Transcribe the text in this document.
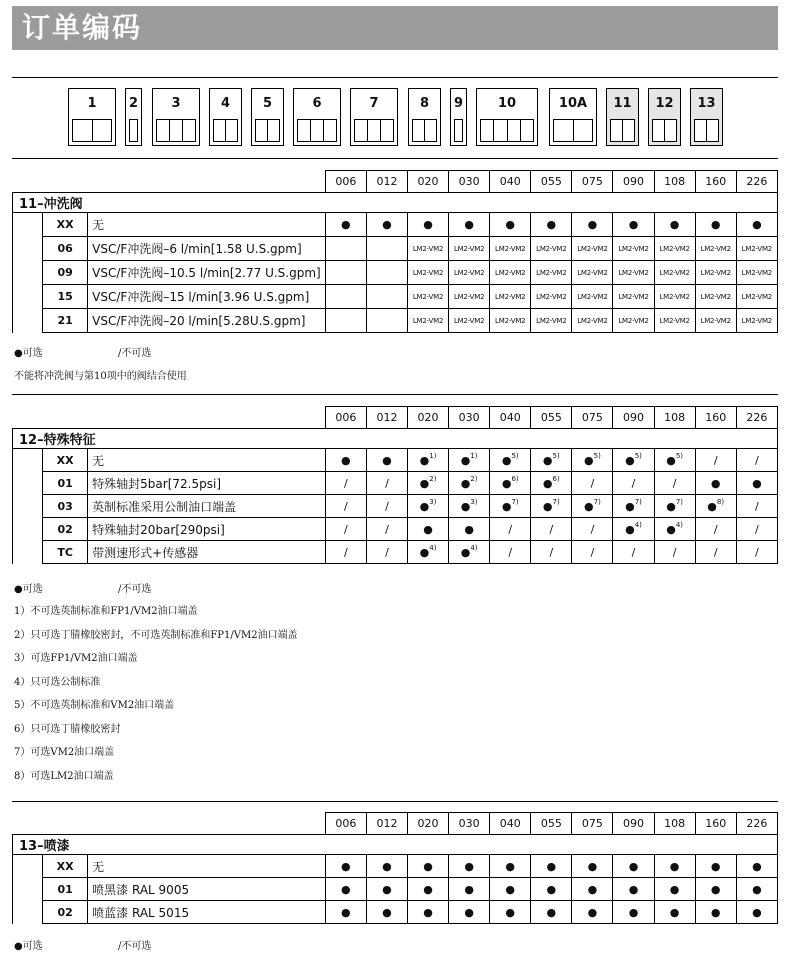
订单编码
1	2	3	4	5	6	7	8	9	10	10A	11	12	13
			006	012	020	030	040	055	075	090	108	160	226
11–冲洗阀													
	XX	无	●	●	●	●	●	●	●	●	●	●	●
	06	VSC/F冲洗阀–6 l/min[1.58 U.S.gpm]			LM2-VM2	LM2-VM2	LM2-VM2	LM2-VM2	LM2-VM2	LM2-VM2	LM2-VM2	LM2-VM2	LM2-VM2
	09	VSC/F冲洗阀–10.5 l/min[2.77 U.S.gpm]			LM2-VM2	LM2-VM2	LM2-VM2	LM2-VM2	LM2-VM2	LM2-VM2	LM2-VM2	LM2-VM2	LM2-VM2
	15	VSC/F冲洗阀–15 l/min[3.96 U.S.gpm]			LM2-VM2	LM2-VM2	LM2-VM2	LM2-VM2	LM2-VM2	LM2-VM2	LM2-VM2	LM2-VM2	LM2-VM2
	21	VSC/F冲洗阀–20 l/min[5.28U.S.gpm]			LM2-VM2	LM2-VM2	LM2-VM2	LM2-VM2	LM2-VM2	LM2-VM2	LM2-VM2	LM2-VM2	LM2-VM2
●可选	/不可选
不能将冲洗阀与第10项中的阀结合使用
			006	012	020	030	040	055	075	090	108	160	226
12–特殊特征													
	XX	无	●	●	●$^{1)}$	●$^{1)}$	●$^{5)}$	●$^{5)}$	●$^{5)}$	●$^{5)}$	●$^{5)}$	/	/
	01	特殊轴封5bar[72.5psi]	/	/	●$^{2)}$	●$^{2)}$	●$^{6)}$	●$^{6)}$	/	/	/	●	●
	03	英制标准采用公制油口端盖	/	/	●$^{3)}$	●$^{3)}$	●$^{7)}$	●$^{7)}$	●$^{7)}$	●$^{7)}$	●$^{7)}$	●$^{8)}$	/
	02	特殊轴封20bar[290psi]	/	/	●	●	/	/	/	●$^{4)}$	●$^{4)}$	/	/
	TC	带测速形式+传感器	/	/	●$^{4)}$	●$^{4)}$	/	/	/	/	/	/	/
●可选	/不可选
1）不可选英制标准和FP1/VM2油口端盖
2）只可选丁腈橡胶密封，不可选英制标准和FP1/VM2油口端盖
3）可选FP1/VM2油口端盖
4）只可选公制标准
5）不可选英制标准和VM2油口端盖
6）只可选丁腈橡胶密封
7）可选VM2油口端盖
8）可选LM2油口端盖
			006	012	020	030	040	055	075	090	108	160	226
13–喷漆													
	XX	无	●	●	●	●	●	●	●	●	●	●	●
	01	喷黑漆 RAL 9005	●	●	●	●	●	●	●	●	●	●	●
	02	喷蓝漆 RAL 5015	●	●	●	●	●	●	●	●	●	●	●
●可选	/不可选
